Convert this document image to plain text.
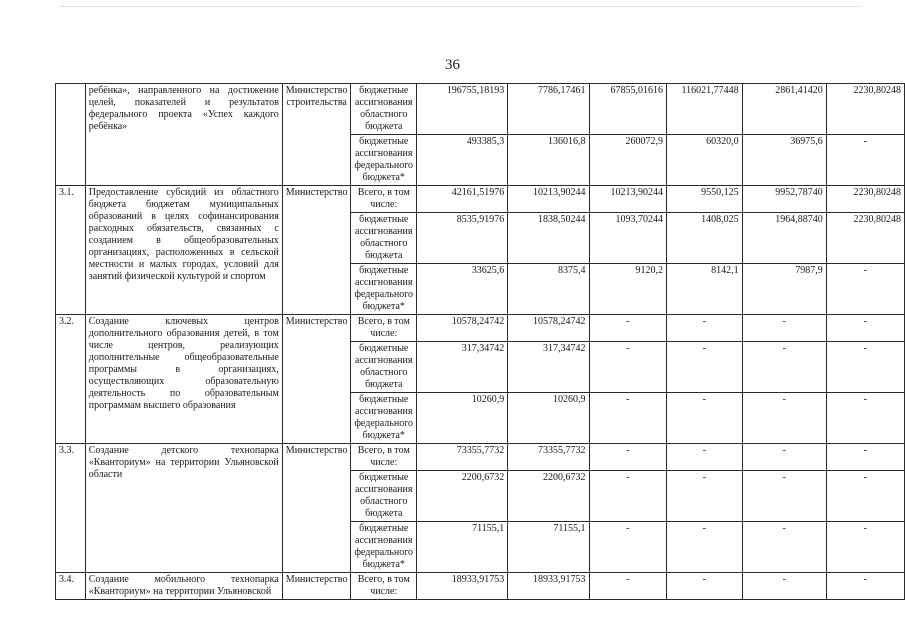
36
	ребёнка», направленного на достижение целей, показателей и результатов федерального проекта «Успех каждого ребёнка»	Министерство строительства	бюджетные ассигнования областного бюджета	196755,18193	7786,17461	67855,01616	116021,77448	2861,41420	2230,80248
			бюджетные ассигнования федерального бюджета*	493385,3	136016,8	260072,9	60320,0	36975,6	-
3.1.	Предоставление субсидий из областного бюджета бюджетам муниципальных образований в целях софинансирования расходных обязательств, связанных с созданием в общеобразовательных организациях, расположенных в сельской местности и малых городах, условий для занятий физической культурой и спортом	Министерство	Всего, в том числе:	42161,51976	10213,90244	10213,90244	9550,125	9952,78740	2230,80248
			бюджетные ассигнования областного бюджета	8535,91976	1838,50244	1093,70244	1408,025	1964,88740	2230,80248
			бюджетные ассигнования федерального бюджета*	33625,6	8375,4	9120,2	8142,1	7987,9	-
3.2.	Создание ключевых центров дополнительного образования детей, в том числе центров, реализующих дополнительные общеобразовательные программы в организациях, осуществляющих образовательную деятельность по образовательным программам высшего образования	Министерство	Всего, в том числе:	10578,24742	10578,24742	-	-	-	-
			бюджетные ассигнования областного бюджета	317,34742	317,34742	-	-	-	-
			бюджетные ассигнования федерального бюджета*	10260,9	10260,9	-	-	-	-
3.3.	Создание детского технопарка «Кванториум» на территории Ульяновской области	Министерство	Всего, в том числе:	73355,7732	73355,7732	-	-	-	-
			бюджетные ассигнования областного бюджета	2200,6732	2200,6732	-	-	-	-
			бюджетные ассигнования федерального бюджета*	71155,1	71155,1	-	-	-	-
3.4.	Создание мобильного технопарка «Кванториум» на территории Ульяновской	Министерство	Всего, в том числе:	18933,91753	18933,91753	-	-	-	-
